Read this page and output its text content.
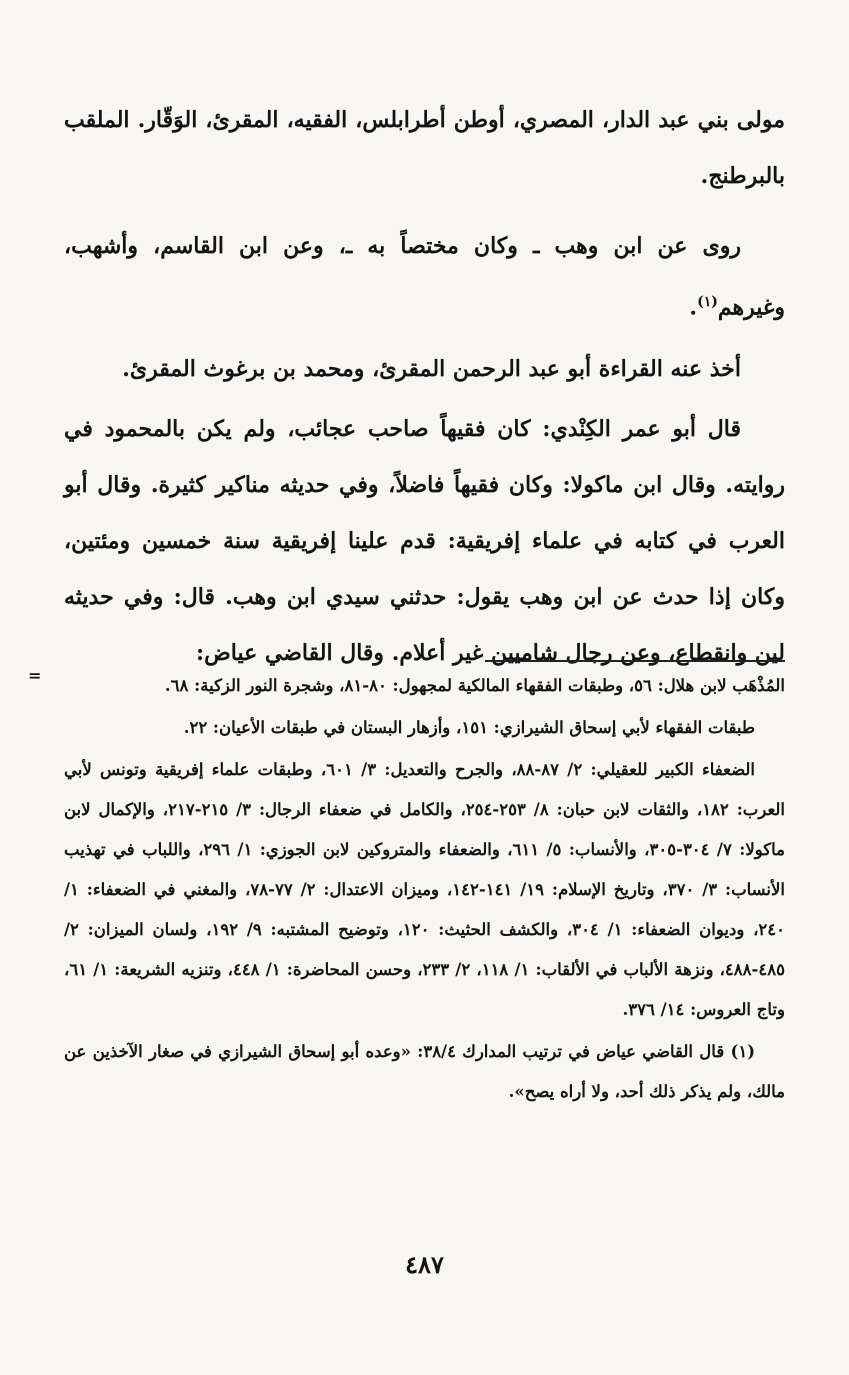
مولى بني عبد الدار، المصري، أوطن أطرابلس، الفقيه، المقرئ، الوَقّار. الملقب بالبرطنج.

روى عن ابن وهب ـ وكان مختصاً به ـ، وعن ابن القاسم، وأشهب، وغيرهم$^{(١)}$.

أخذ عنه القراءة أبو عبد الرحمن المقرئ، ومحمد بن برغوث المقرئ.

قال أبو عمر الكِنْدي: كان فقيهاً صاحب عجائب، ولم يكن بالمحمود في روايته. وقال ابن ماكولا: وكان فقيهاً فاضلاً، وفي حديثه مناكير كثيرة. وقال أبو العرب في كتابه في علماء إفريقية: قدم علينا إفريقية سنة خمسين ومئتين، وكان إذا حدث عن ابن وهب يقول: حدثني سيدي ابن وهب. قال: وفي حديثه لين وانقطاع، وعن رجال شاميين غير أعلام. وقال القاضي عياض:

=

المُذْهَب لابن هلال: ٥٦، وطبقات الفقهاء المالكية لمجهول: ٨٠-٨١، وشجرة النور الزكية: ٦٨.

طبقات الفقهاء لأبي إسحاق الشيرازي: ١٥١، وأزهار البستان في طبقات الأعيان: ٢٢.

الضعفاء الكبير للعقيلي: ٢/ ٨٧-٨٨، والجرح والتعديل: ٣/ ٦٠١، وطبقات علماء إفريقية وتونس لأبي العرب: ١٨٢، والثقات لابن حبان: ٨/ ٢٥٣-٢٥٤، والكامل في ضعفاء الرجال: ٣/ ٢١٥-٢١٧، والإكمال لابن ماكولا: ٧/ ٣٠٤-٣٠٥، والأنساب: ٥/ ٦١١، والضعفاء والمتروكين لابن الجوزي: ١/ ٢٩٦، واللباب في تهذيب الأنساب: ٣/ ٣٧٠، وتاريخ الإسلام: ١٩/ ١٤١-١٤٢، وميزان الاعتدال: ٢/ ٧٧-٧٨، والمغني في الضعفاء: ١/ ٢٤٠، وديوان الضعفاء: ١/ ٣٠٤، والكشف الحثيث: ١٢٠، وتوضيح المشتبه: ٩/ ١٩٢، ولسان الميزان: ٢/ ٤٨٥-٤٨٨، ونزهة الألباب في الألقاب: ١/ ١١٨، ٢/ ٢٣٣، وحسن المحاضرة: ١/ ٤٤٨، وتنزيه الشريعة: ١/ ٦١، وتاج العروس: ١٤/ ٣٧٦.

(١) قال القاضي عياض في ترتيب المدارك ٣٨/٤: «وعده أبو إسحاق الشيرازي في صغار الآخذين عن مالك، ولم يذكر ذلك أحد، ولا أراه يصح».

٤٨٧
